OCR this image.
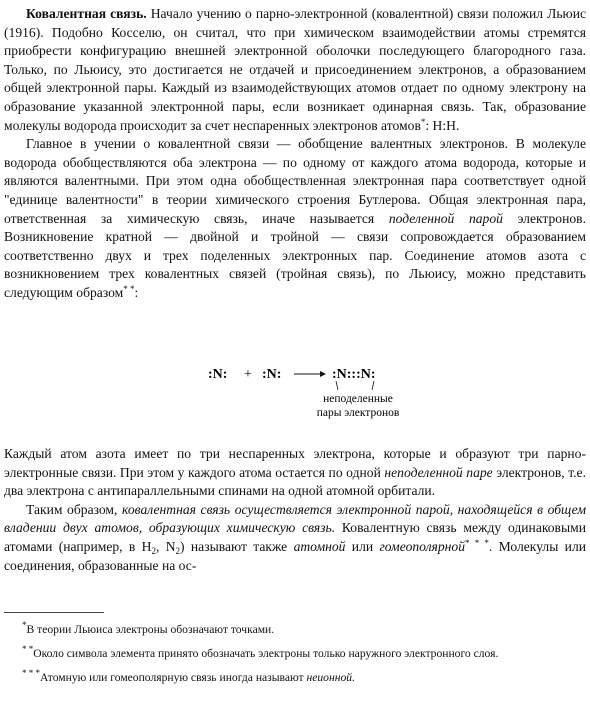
Ковалентная связь. Начало учению о парно-электронной (ковалентной) связи положил Льюис (1916). Подобно Косселю, он считал, что при химическом взаимодействии атомы стремятся приобрести конфигурацию внешней электронной оболочки последующего благородного газа. Только, по Льюису, это достигается не отдачей и присоединением электронов, а образованием общей электронной пары. Каждый из взаимодействующих атомов отдает по одному электрону на образование указанной электронной пары, если возникает одинарная связь. Так, образование молекулы водорода происходит за счет неспаренных электронов атомов*: H:H.

Главное в учении о ковалентной связи — обобщение валентных электронов. В молекуле водорода обобществляются оба электрона — по одному от каждого атома водорода, которые и являются валентными. При этом одна обобществленная электронная пара соответствует одной "единице валентности" в теории химического строения Бутлерова. Общая электронная пара, ответственная за химическую связь, иначе называется поделенной парой электронов. Возникновение кратной — двойной и тройной — связи сопровождается образованием соответственно двух и трех поделенных электронных пар. Соединение атомов азота с возникновением трех ковалентных связей (тройная связь), по Льюису, можно представить следующим образом* *:

:N: + :N:	:N:::N:
неподеленные
пары электронов

Каждый атом азота имеет по три неспаренных электрона, которые и образуют три парно-электронные связи. При этом у каждого атома остается по одной неподеленной паре электронов, т.е. два электрона с антипараллельными спинами на одной атомной орбитали.

Таким образом, ковалентная связь осуществляется электронной парой, находящейся в общем владении двух атомов, образующих химическую связь. Ковалентную связь между одинаковыми атомами (например, в $H_2$, $N_2$) называют также атомной или гомеополярной* * *. Молекулы или соединения, образованные на ос-

*В теории Льюиса электроны обозначают точками.

* *Около символа элемента принято обозначать электроны только наружного электронного слоя.

* * *Атомную или гомеополярную связь иногда называют неионной.
